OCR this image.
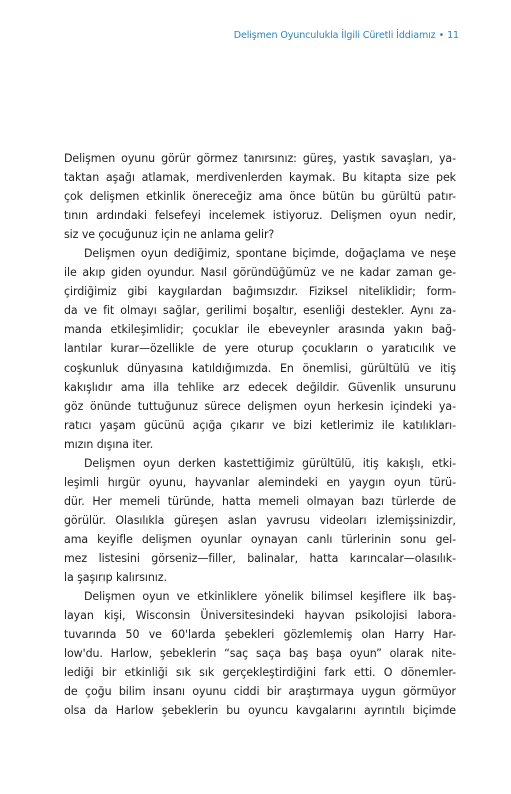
Delişmen Oyunculukla İlgili Cüretli İddiamız • 11

Delişmen oyunu görür görmez tanırsınız: güreş, yastık savaşları, ya-
taktan aşağı atlamak, merdivenlerden kaymak. Bu kitapta size pek
çok delişmen etkinlik önereceğiz ama önce bütün bu gürültü patır-
tının ardındaki felsefeyi incelemek istiyoruz. Delişmen oyun nedir,
siz ve çocuğunuz için ne anlama gelir?

Delişmen oyun dediğimiz, spontane biçimde, doğaçlama ve neşe
ile akıp giden oyundur. Nasıl göründüğümüz ve ne kadar zaman ge-
çirdiğimiz gibi kaygılardan bağımsızdır. Fiziksel niteliklidir; form-
da ve fit olmayı sağlar, gerilimi boşaltır, esenliği destekler. Aynı za-
manda etkileşimlidir; çocuklar ile ebeveynler arasında yakın bağ-
lantılar kurar—özellikle de yere oturup çocukların o yaratıcılık ve
coşkunluk dünyasına katıldığımızda. En önemlisi, gürültülü ve itiş
kakışlıdır ama illa tehlike arz edecek değildir. Güvenlik unsurunu
göz önünde tuttuğunuz sürece delişmen oyun herkesin içindeki ya-
ratıcı yaşam gücünü açığa çıkarır ve bizi ketlerimiz ile katılıkları-
mızın dışına iter.

Delişmen oyun derken kastettiğimiz gürültülü, itiş kakışlı, etki-
leşimli hırgür oyunu, hayvanlar alemindeki en yaygın oyun türü-
dür. Her memeli türünde, hatta memeli olmayan bazı türlerde de
görülür. Olasılıkla güreşen aslan yavrusu videoları izlemişsinizdir,
ama keyifle delişmen oyunlar oynayan canlı türlerinin sonu gel-
mez listesini görseniz—filler, balinalar, hatta karıncalar—olasılık-
la şaşırıp kalırsınız.

Delişmen oyun ve etkinliklere yönelik bilimsel keşiflere ilk baş-
layan kişi, Wisconsin Üniversitesindeki hayvan psikolojisi labora-
tuvarında 50 ve 60'larda şebekleri gözlemlemiş olan Harry Har-
low'du. Harlow, şebeklerin “saç saça baş başa oyun” olarak nite-
lediği bir etkinliği sık sık gerçekleştirdiğini fark etti. O dönemler-
de çoğu bilim insanı oyunu ciddi bir araştırmaya uygun görmüyor
olsa da Harlow şebeklerin bu oyuncu kavgalarını ayrıntılı biçimde
